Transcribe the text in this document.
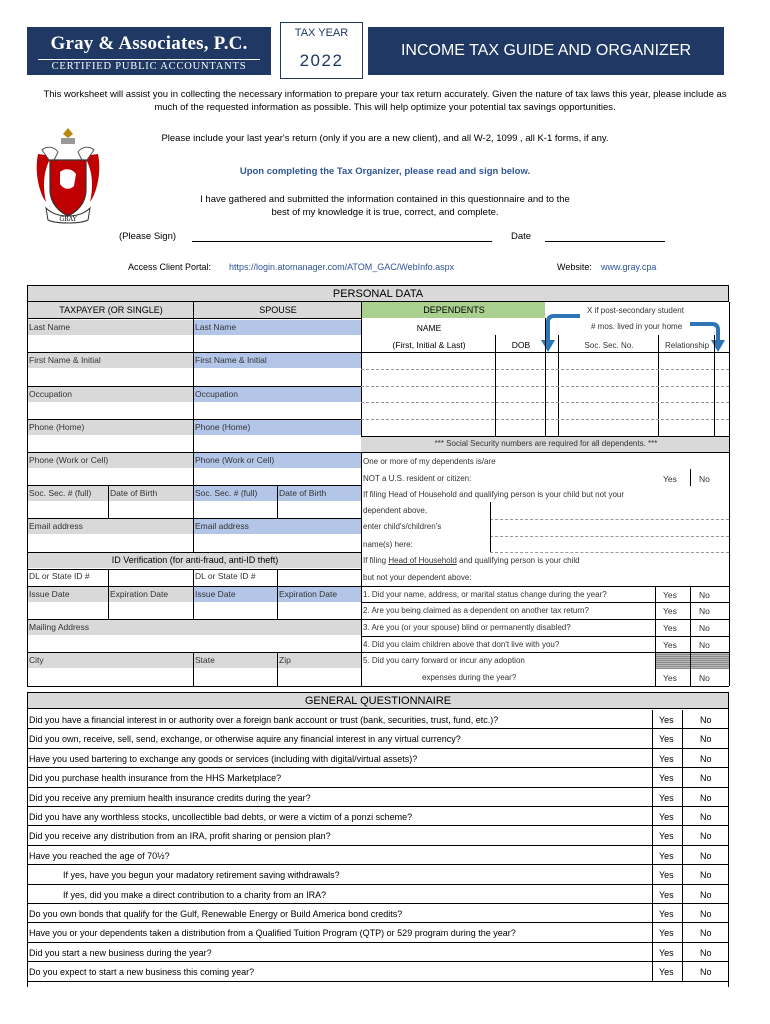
Gray & Associates, P.C.
CERTIFIED PUBLIC ACCOUNTANTS
TAX YEAR
2022
INCOME TAX GUIDE AND ORGANIZER
GRAY
This worksheet will assist you in collecting the necessary information to prepare your tax return accurately. Given the nature of tax laws this year, please include as much of the requested information as possible. This will help optimize your potential tax savings opportunities.
Please include your last year's return (only if you are a new client), and all W-2, 1099 , all K-1 forms, if any.
Upon completing the Tax Organizer, please read and sign below.
I have gathered and submitted the information contained in this questionnaire and to the best of my knowledge it is true, correct, and complete.
(Please Sign)	Date
Access Client Portal: https://login.atomanager.com/ATOM_GAC/WebInfo.aspx	Website: www.gray.cpa
PERSONAL DATA
TAXPAYER (OR SINGLE)	SPOUSE	DEPENDENTS	X if post-secondary student
# mos. lived in your home
Last Name	Last Name
First Name & Initial	First Name & Initial
Occupation	Occupation
Phone (Home)	Phone (Home)
Phone (Work or Cell)	Phone (Work or Cell)
Soc. Sec. # (full)	Date of Birth	Soc. Sec. # (full)	Date of Birth
Email address	Email address
ID Verification (for anti-fraud, anti-ID theft)
DL or State ID #	DL or State ID #
Issue Date	Expiration Date	Issue Date	Expiration Date
Mailing Address
City	State	Zip
NAME
(First, Initial & Last)	DOB	Soc. Sec. No.	Relationship
*** Social Security numbers are required for all dependents. ***
One or more of my dependents is/are
NOT a U.S. resident or citizen:	Yes	No
If filing Head of Household and qualifying person is your child but not your
dependent above,
enter child's/children's
name(s) here:
If filing Head of Household and qualifying person is your child
but not your dependent above:
1. Did your name, address, or marital status change during the year?	Yes	No
2. Are you being claimed as a dependent on another tax return?	Yes	No
3. Are you (or your spouse) blind or permanently disabled?	Yes	No
4. Did you claim children above that don't live with you?	Yes	No
5. Did you carry forward or incur any adoption
expenses during the year?	Yes	No
GENERAL QUESTIONNAIRE
Did you have a financial interest in or authority over a foreign bank account or trust (bank, securities, trust, fund, etc.)?	Yes	No
Did you own, receive, sell, send, exchange, or otherwise aquire any financial interest in any virtual currency?	Yes	No
Have you used bartering to exchange any goods or services (including with digital/virtual assets)?	Yes	No
Did you purchase health insurance from the HHS Marketplace?	Yes	No
Did you receive any premium health insurance credits during the year?	Yes	No
Did you have any worthless stocks, uncollectible bad debts, or were a victim of a ponzi scheme?	Yes	No
Did you receive any distribution from an IRA, profit sharing or pension plan?	Yes	No
Have you reached the age of 70½?	Yes	No
If yes, have you begun your madatory retirement saving withdrawals?	Yes	No
If yes, did you make a direct contribution to a charity from an IRA?	Yes	No
Do you own bonds that qualify for the Gulf, Renewable Energy or Build America bond credits?	Yes	No
Have you or your dependents taken a distribution from a Qualified Tuition Program (QTP) or 529 program during the year?	Yes	No
Did you start a new business during the year?	Yes	No
Do you expect to start a new business this coming year?	Yes	No
